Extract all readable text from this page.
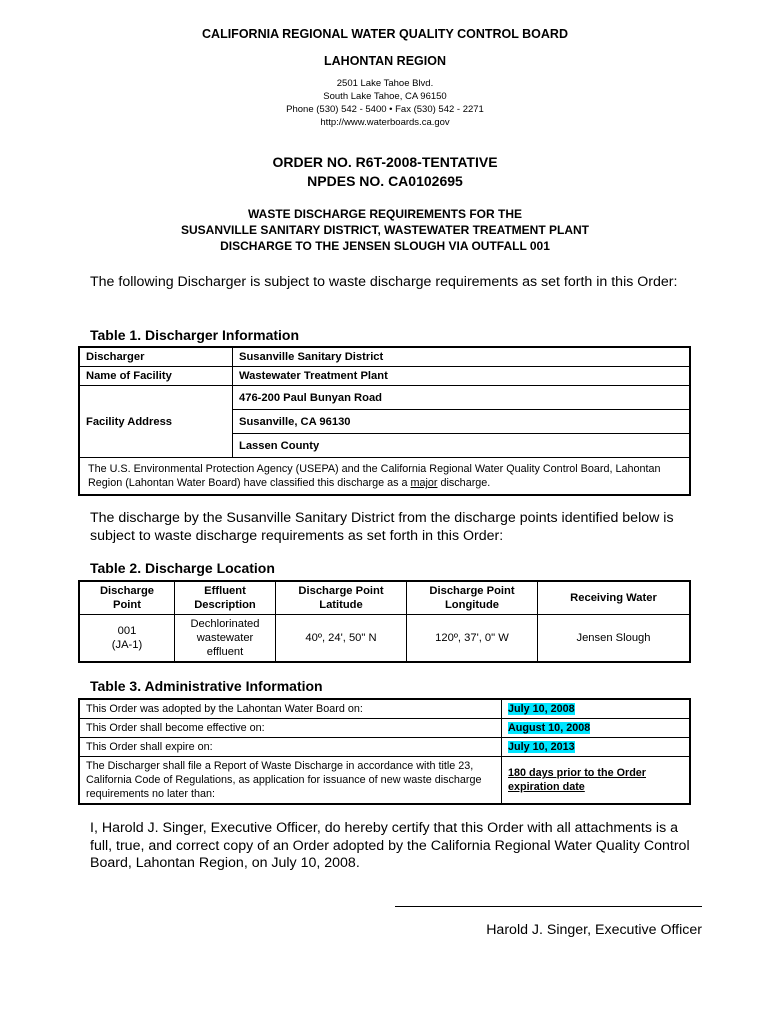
CALIFORNIA REGIONAL WATER QUALITY CONTROL BOARD
LAHONTAN REGION
2501 Lake Tahoe Blvd.
South Lake Tahoe, CA 96150
Phone (530) 542 - 5400 • Fax (530) 542 - 2271
http://www.waterboards.ca.gov
ORDER NO. R6T-2008-TENTATIVE
NPDES NO. CA0102695
WASTE DISCHARGE REQUIREMENTS FOR THE
SUSANVILLE SANITARY DISTRICT, WASTEWATER TREATMENT PLANT
DISCHARGE TO THE JENSEN SLOUGH VIA OUTFALL 001
The following Discharger is subject to waste discharge requirements as set forth in this Order:
Table 1. Discharger Information
Discharger	Susanville Sanitary District
Name of Facility	Wastewater Treatment Plant
Facility Address	476-200 Paul Bunyan Road
	Susanville, CA 96130
	Lassen County
The U.S. Environmental Protection Agency (USEPA) and the California Regional Water Quality Control Board, Lahontan Region (Lahontan Water Board) have classified this discharge as a major discharge.	
The discharge by the Susanville Sanitary District from the discharge points identified below is subject to waste discharge requirements as set forth in this Order:
Table 2. Discharge Location
Discharge Point	Effluent Description	Discharge Point Latitude	Discharge Point Longitude	Receiving Water

001
(JA-1)	Dechlorinated wastewater effluent	40º, 24', 50" N	120º, 37', 0" W	Jensen Slough
Table 3. Administrative Information
This Order was adopted by the Lahontan Water Board on:	July 10, 2008
This Order shall become effective on:	August 10, 2008
This Order shall expire on:	July 10, 2013
The Discharger shall file a Report of Waste Discharge in accordance with title 23, California Code of Regulations, as application for issuance of new waste discharge requirements no later than:	180 days prior to the Order expiration date
I, Harold J. Singer, Executive Officer, do hereby certify that this Order with all attachments is a full, true, and correct copy of an Order adopted by the California Regional Water Quality Control Board, Lahontan Region, on July 10, 2008.
Harold J. Singer, Executive Officer
